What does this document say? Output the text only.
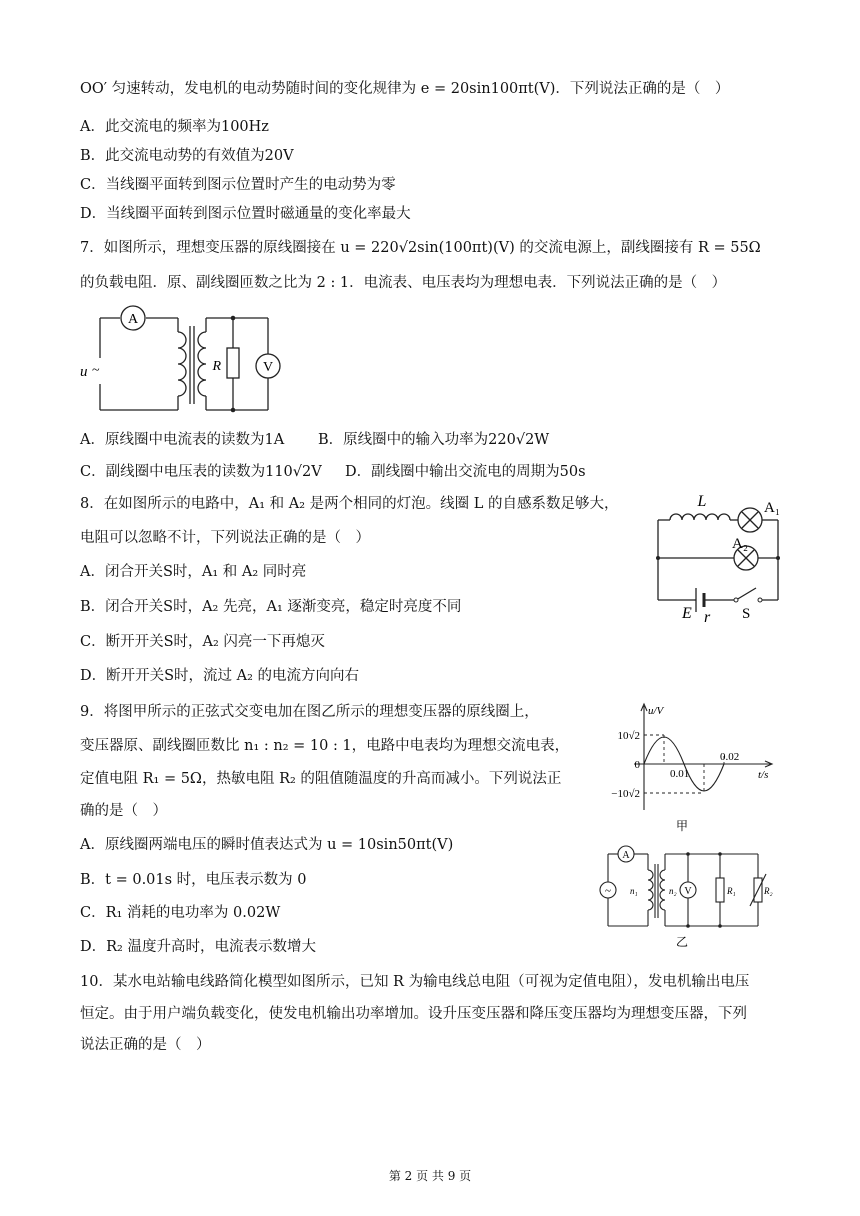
OO′ 匀速转动，发电机的电动势随时间的变化规律为 e = 20sin100πt(V)．下列说法正确的是（　）
A．此交流电的频率为100Hz
B．此交流电动势的有效值为20V
C．当线圈平面转到图示位置时产生的电动势为零
D．当线圈平面转到图示位置时磁通量的变化率最大
7．如图所示，理想变压器的原线圈接在 u = 220√2sin(100πt)(V) 的交流电源上，副线圈接有 R = 55Ω
的负载电阻．原、副线圈匝数之比为 2 : 1．电流表、电压表均为理想电表．下列说法正确的是（　）
A
V
R
u ~
A．原线圈中电流表的读数为1A B．原线圈中的输入功率为220√2W
C．副线圈中电压表的读数为110√2V D．副线圈中输出交流电的周期为50s
8．在如图所示的电路中，A₁ 和 A₂ 是两个相同的灯泡。线圈 L 的自感系数足够大，
电阻可以忽略不计，下列说法正确的是（　）
A．闭合开关S时，A₁ 和 A₂ 同时亮
B．闭合开关S时，A₂ 先亮，A₁ 逐渐变亮，稳定时亮度不同
C．断开开关S时，A₂ 闪亮一下再熄灭
D．断开开关S时，流过 A₂ 的电流方向向右
L	A₁
A₂
E r S
9．将图甲所示的正弦式交变电加在图乙所示的理想变压器的原线圈上，
变压器原、副线圈匝数比 n₁ : n₂ = 10 : 1，电路中电表均为理想交流电表，
定值电阻 R₁ = 5Ω，热敏电阻 R₂ 的阻值随温度的升高而减小。下列说法正
确的是（　）
A．原线圈两端电压的瞬时值表达式为 u = 10sin50πt(V)
B．t = 0.01s 时，电压表示数为 0
C．R₁ 消耗的电功率为 0.02W
D．R₂ 温度升高时，电流表示数增大
u/V
t/s
10√2
0
−10√2
0.01
0.02
甲
A
~ n₁	n₂ V	R₁	R₂
乙
10．某水电站输电线路简化模型如图所示，已知 R 为输电线总电阻（可视为定值电阻），发电机输出电压
恒定。由于用户端负载变化，使发电机输出功率增加。设升压变压器和降压变压器均为理想变压器，下列
说法正确的是（　）
第 2 页 共 9 页
